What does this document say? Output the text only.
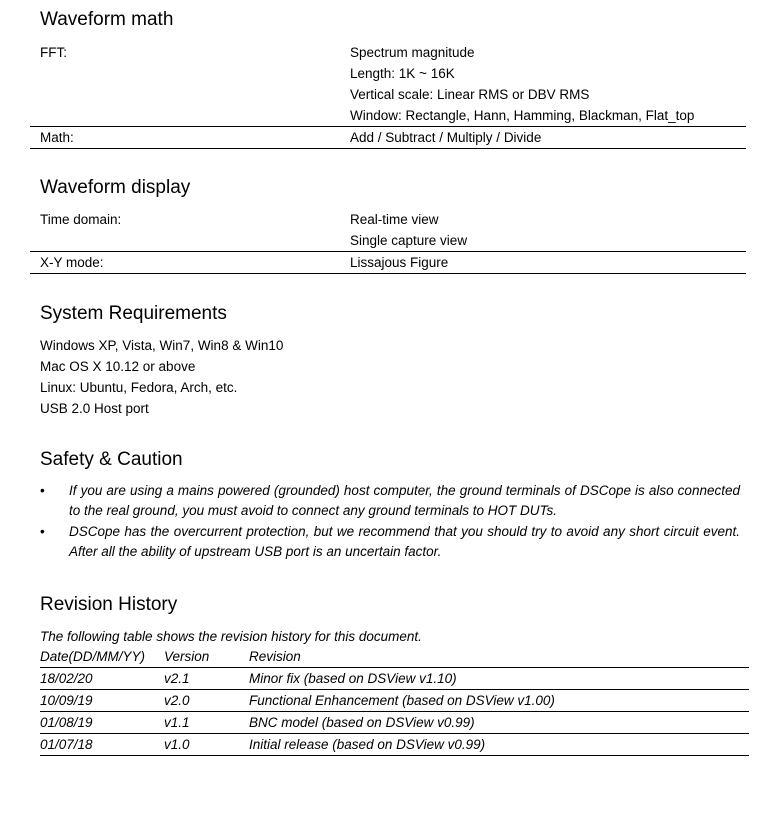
Waveform math
FFT:	Spectrum magnitude
Length: 1K ~ 16K
Vertical scale: Linear RMS or DBV RMS
Window: Rectangle, Hann, Hamming, Blackman, Flat_top
Math:	Add / Subtract / Multiply / Divide
Waveform display
Time domain:	Real-time view
Single capture view
X-Y mode:	Lissajous Figure
System Requirements
Windows XP, Vista, Win7, Win8 & Win10
Mac OS X 10.12 or above
Linux: Ubuntu, Fedora, Arch, etc.
USB 2.0 Host port
Safety & Caution
• If you are using a mains powered (grounded) host computer, the ground terminals of DSCope is also connected to the real ground, you must avoid to connect any ground terminals to HOT DUTs.
• DSCope has the overcurrent protection, but we recommend that you should try to avoid any short circuit event. After all the ability of upstream USB port is an uncertain factor.
Revision History
The following table shows the revision history for this document.
Date(DD/MM/YY) Version	Revision
18/02/20	v2.1	Minor fix (based on DSView v1.10)
10/09/19	v2.0	Functional Enhancement (based on DSView v1.00)
01/08/19	v1.1	BNC model (based on DSView v0.99)
01/07/18	v1.0	Initial release (based on DSView v0.99)
